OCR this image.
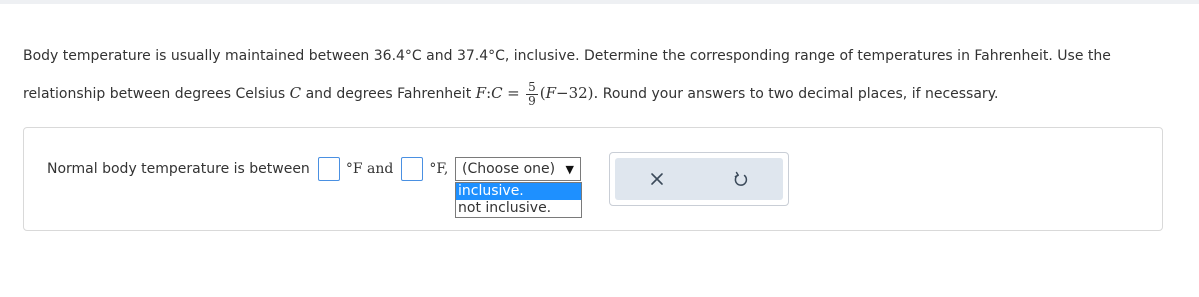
Body temperature is usually maintained between 36.4°C and 37.4°C, inclusive. Determine the corresponding range of temperatures in Fahrenheit. Use the
relationship between degrees Celsius C and degrees Fahrenheit F:C = $\frac{5}{9} (F-32)$. Round your answers to two decimal places, if necessary.
Normal body temperature is between	°F and	°F, (Choose one) ▼
inclusive.
not inclusive.
